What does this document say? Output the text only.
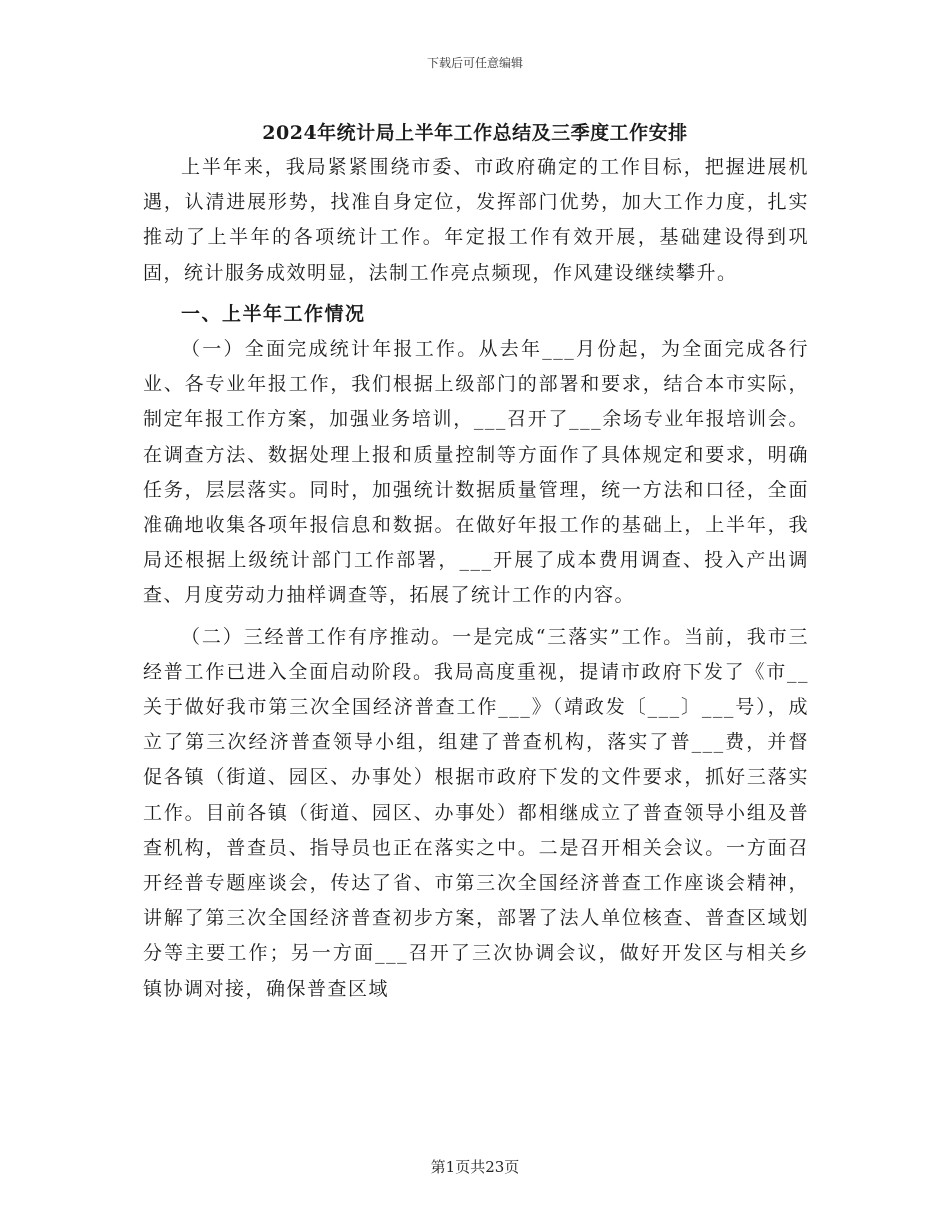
下载后可任意编辑
2024年统计局上半年工作总结及三季度工作安排

上半年来，我局紧紧围绕市委、市政府确定的工作目标，把握进展机遇，认清进展形势，找准自身定位，发挥部门优势，加大工作力度，扎实推动了上半年的各项统计工作。年定报工作有效开展，基础建设得到巩固，统计服务成效明显，法制工作亮点频现，作风建设继续攀升。

一、上半年工作情况

（一）全面完成统计年报工作。从去年___月份起，为全面完成各行业、各专业年报工作，我们根据上级部门的部署和要求，结合本市实际，制定年报工作方案，加强业务培训，___召开了___余场专业年报培训会。在调查方法、数据处理上报和质量控制等方面作了具体规定和要求，明确任务，层层落实。同时，加强统计数据质量管理，统一方法和口径，全面准确地收集各项年报信息和数据。在做好年报工作的基础上，上半年，我局还根据上级统计部门工作部署，___开展了成本费用调查、投入产出调查、月度劳动力抽样调查等，拓展了统计工作的内容。

（二）三经普工作有序推动。一是完成“三落实”工作。当前，我市三经普工作已进入全面启动阶段。我局高度重视，提请市政府下发了《市__关于做好我市第三次全国经济普查工作___》（靖政发〔___〕___号），成立了第三次经济普查领导小组，组建了普查机构，落实了普___费，并督促各镇（街道、园区、办事处）根据市政府下发的文件要求，抓好三落实工作。目前各镇（街道、园区、办事处）都相继成立了普查领导小组及普查机构，普查员、指导员也正在落实之中。二是召开相关会议。一方面召开经普专题座谈会，传达了省、市第三次全国经济普查工作座谈会精神，讲解了第三次全国经济普查初步方案，部署了法人单位核查、普查区域划分等主要工作；另一方面___召开了三次协调会议，做好开发区与相关乡镇协调对接，确保普查区域

第1页共23页
